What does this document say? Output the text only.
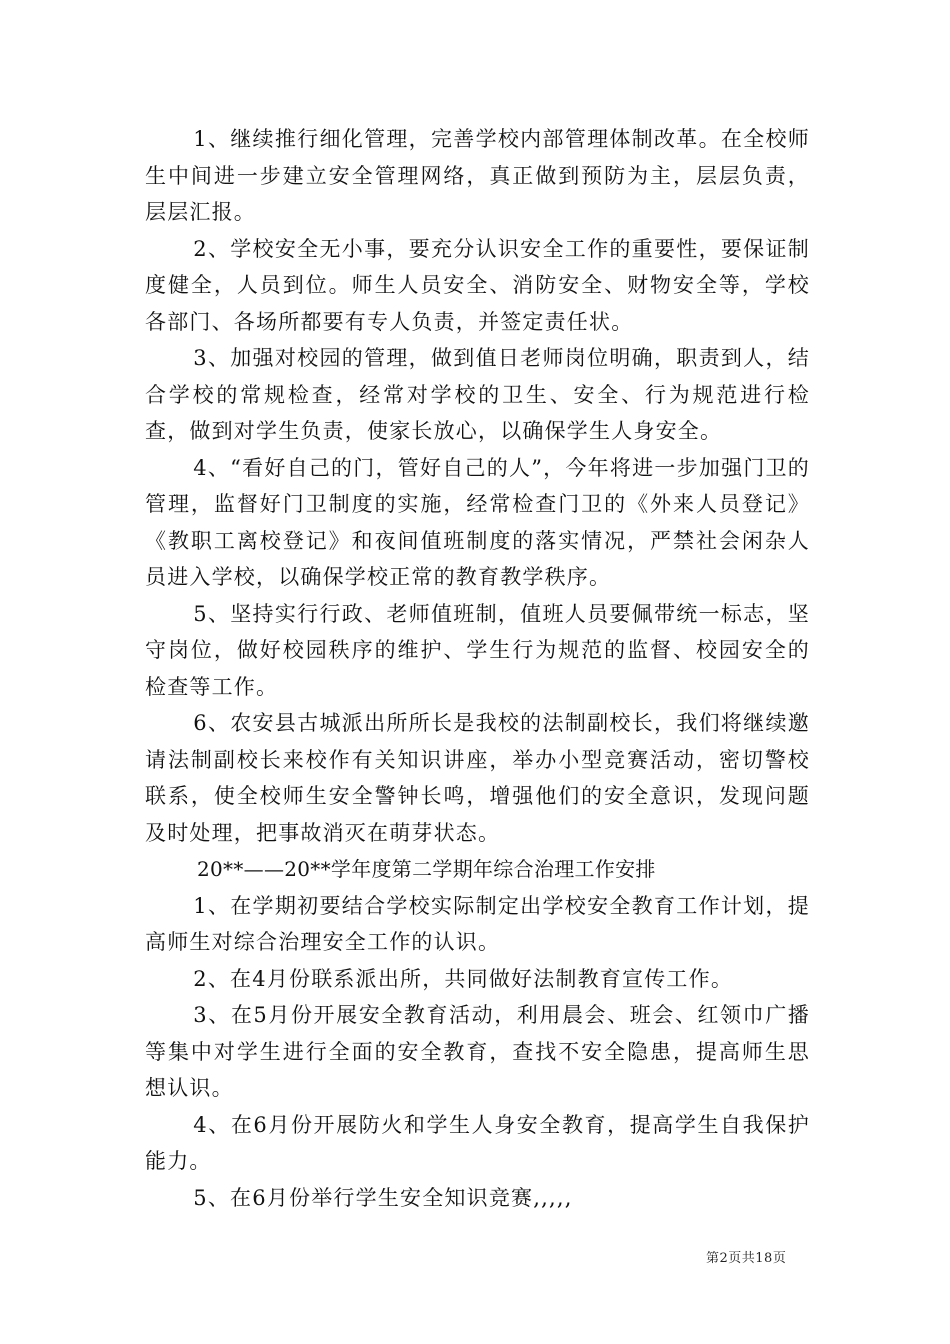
1、继续推行细化管理，完善学校内部管理体制改革。在全校师生中间进一步建立安全管理网络，真正做到预防为主，层层负责，层层汇报。

2、学校安全无小事，要充分认识安全工作的重要性，要保证制度健全，人员到位。师生人员安全、消防安全、财物安全等，学校各部门、各场所都要有专人负责，并签定责任状。

3、加强对校园的管理，做到值日老师岗位明确，职责到人，结合学校的常规检查，经常对学校的卫生、安全、行为规范进行检查，做到对学生负责，使家长放心，以确保学生人身安全。

4、“看好自己的门，管好自己的人”，今年将进一步加强门卫的管理，监督好门卫制度的实施，经常检查门卫的《外来人员登记》《教职工离校登记》和夜间值班制度的落实情况，严禁社会闲杂人员进入学校，以确保学校正常的教育教学秩序。

5、坚持实行行政、老师值班制，值班人员要佩带统一标志，坚守岗位，做好校园秩序的维护、学生行为规范的监督、校园安全的检查等工作。

6、农安县古城派出所所长是我校的法制副校长，我们将继续邀请法制副校长来校作有关知识讲座，举办小型竞赛活动，密切警校联系，使全校师生安全警钟长鸣，增强他们的安全意识，发现问题及时处理，把事故消灭在萌芽状态。

20**——20**学年度第二学期年综合治理工作安排

1、在学期初要结合学校实际制定出学校安全教育工作计划，提高师生对综合治理安全工作的认识。

2、在4月份联系派出所，共同做好法制教育宣传工作。

3、在5月份开展安全教育活动，利用晨会、班会、红领巾广播等集中对学生进行全面的安全教育，查找不安全隐患，提高师生思想认识。

4、在6月份开展防火和学生人身安全教育，提高学生自我保护能力。

5、在6月份举行学生安全知识竞赛,,,,,

第2页共18页
